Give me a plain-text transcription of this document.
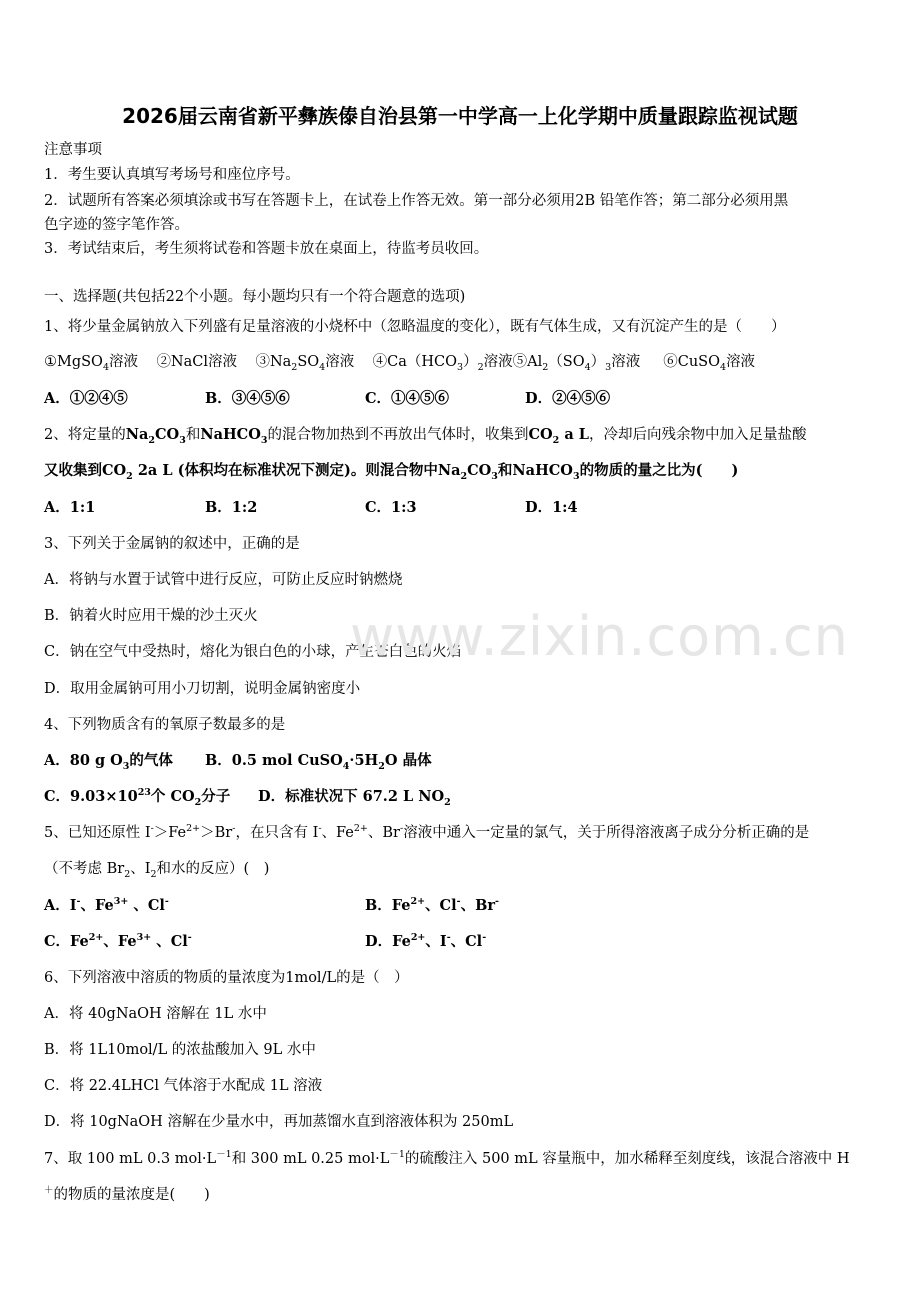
2026届云南省新平彝族傣自治县第一中学高一上化学期中质量跟踪监视试题
注意事项
1．考生要认真填写考场号和座位序号。
2．试题所有答案必须填涂或书写在答题卡上，在试卷上作答无效。第一部分必须用2B 铅笔作答；第二部分必须用黑
色字迹的签字笔作答。
3．考试结束后，考生须将试卷和答题卡放在桌面上，待监考员收回。
一、选择题(共包括22个小题。每小题均只有一个符合题意的选项)
1、将少量金属钠放入下列盛有足量溶液的小烧杯中（忽略温度的变化），既有气体生成，又有沉淀产生的是（　　）
①MgSO$_4$溶液 ②NaCl溶液 $③Na_2SO_4$溶液 $④Ca(HCO_3)_2$溶液$⑤Al_2(SO_4)_3$溶液 ⑥CuSO$_4$溶液
A．①②④⑤	B．③④⑤⑥	C．①④⑤⑥	D．②④⑤⑥
2、将定量的$Na_2CO_3$和NaHCO$_3$的混合物加热到不再放出气体时，收集到$CO_2$ a L，冷却后向残余物中加入足量盐酸
又收集到$CO_2$ 2a L (体积均在标准状况下测定)。则混合物中$Na_2CO_3$和NaHCO$_3$的物质的量之比为(　　)
A．1:1	B．1:2	C．1:3	D．1:4
3、下列关于金属钠的叙述中，正确的是
A．将钠与水置于试管中进行反应，可防止反应时钠燃烧
B．钠着火时应用干燥的沙土灭火
C．钠在空气中受热时，熔化为银白色的小球，产生苍白色的火焰
D．取用金属钠可用小刀切割，说明金属钠密度小
www.zixin.com.cn
4、下列物质含有的氧原子数最多的是
A．80 g $O_3$的气体 B．0.5 mol $CuSO_4\cdot 5H_2O$ 晶体
C．$9.03\times 10^{23}$个 $CO_2$分子 D．标准状况下 67.2 L $NO_2$
5、已知还原性 $I^->Fe^{2+}>Br^-$，在只含有 I-、$Fe^{2+}$、Br-溶液中通入一定量的氯气，关于所得溶液离子成分分析正确的是
（不考虑 $Br_2$、$I_2$和水的反应）(　)
A．I-、$Fe^{3+}$ 、Cl-	B．$Fe^{2+}$、Cl-、Br-
C．$Fe^{2+}$、$Fe^{3+}$ 、Cl-	D．$Fe^{2+}$、I-、Cl-
6、下列溶液中溶质的物质的量浓度为1mol/L的是（　）
A．将 40gNaOH 溶解在 1L 水中
B．将 1L10mol/L 的浓盐酸加入 9L 水中
C．将 22.4LHCl 气体溶于水配成 1L 溶液
D．将 10gNaOH 溶解在少量水中，再加蒸馏水直到溶液体积为 250mL
7、取 100 mL 0.3 $mol\cdot L^{-1}$和 300 mL 0.25 $mol\cdot L^{-1}$的硫酸注入 500 mL 容量瓶中，加水稀释至刻度线，该混合溶液中 H
＋的物质的量浓度是(　　)
